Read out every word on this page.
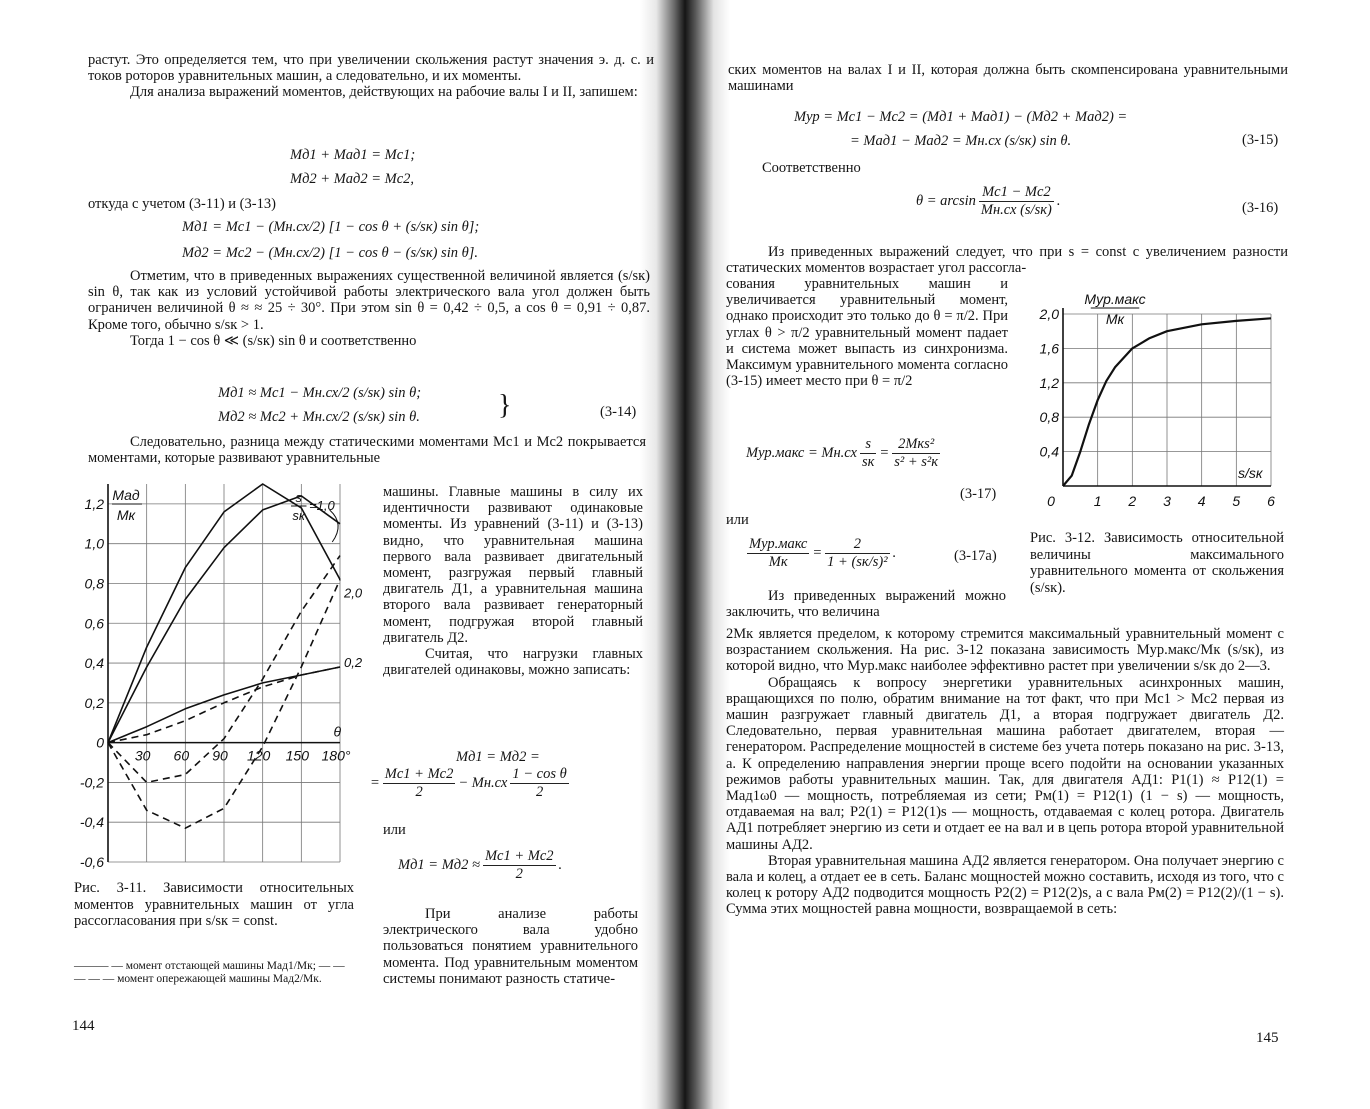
растут. Это определяется тем, что при увеличении скольжения растут значения э. д. с. и токов роторов уравнительных машин, а следовательно, и их моменты.

Для анализа выражений моментов, действующих на рабочие валы I и II, запишем:

Mд1 + Mад1 = Mс1;
Mд2 + Mад2 = Mс2,

откуда с учетом (3-11) и (3-13)

Mд1 = Mс1 − (Mн.сх/2) [1 − cos θ + (s/sк) sin θ];
Mд2 = Mс2 − (Mн.сх/2) [1 − cos θ − (s/sк) sin θ].

Отметим, что в приведенных выражениях существенной величиной является (s/sк) sin θ, так как из условий устойчивой работы электрического вала угол должен быть ограничен величиной θ ≈ ≈ 25 ÷ 30°. При этом sin θ = 0,42 ÷ 0,5, а cos θ = 0,91 ÷ 0,87. Кроме того, обычно s/sк > 1.

Тогда 1 − cos θ ≪ (s/sк) sin θ и соответственно

Mд1 ≈ Mс1 − Mн.сх/2 (s/sк) sin θ;
Mд2 ≈ Mс2 + Mн.сх/2 (s/sк) sin θ.	}	(3-14)

Следовательно, разница между статическими моментами Mс1 и Mс2 покрывается моментами, которые развивают уравнительные

1,2
1,0
0,8
0,6
0,4
0,2
0
-0,2
-0,4
-0,6
30 60 90 120 150 180°
θ
Mад
Mк
s
sк
=1,0
2,0
0,2

машины. Главные машины в силу их идентичности развивают одинаковые моменты. Из уравнений (3-11) и (3-13) видно, что уравнительная машина первого вала развивает двигательный момент, разгружая первый главный двигатель Д1, а уравнительная машина второго вала развивает генераторный момент, подгружая второй главный двигатель Д2.

Считая, что нагрузки главных двигателей одинаковы, можно записать:

Mд1 = Mд2 =
= $\frac{Mс1 + Mс2}{2} - Mн.сх \frac{\text{1 − cos θ}}{2}$
или
$Mд1 = Mд2 \approx \frac{Mс1 + Mс2}{2}$ .

При анализе работы электрического вала удобно пользоваться понятием уравнительного момента. Под уравнительным моментом системы понимают разность статиче-

Рис. 3-11. Зависимости относительных моментов уравнительных машин от угла рассогласования при s/sк = const.
——— — момент отстающей машины Mад1/Mк; — — — — — момент опережающей машины Mад2/Mк.
144

ских моментов на валах I и II, которая должна быть скомпенсирована уравнительными машинами

Mур = Mс1 − Mс2 = (Mд1 + Mад1) − (Mд2 + Mад2) =
= Mад1 − Mад2 = Mн.сх (s/sк) sin θ.	(3-15)

Соответственно

$\theta = \arcsin \frac{Mс1 - Mс2}{Mн.сх (s/sк)}$ .	(3-16)

Из приведенных выражений следует, что при s = const с увеличением разности статических моментов возрастает угол рассогла-

сования уравнительных машин и увеличивается уравнительный момент, однако происходит это только до θ = π/2. При углах θ > π/2 уравнительный момент падает и система может выпасть из синхронизма. Максимум уравнительного момента согласно (3-15) имеет место при θ = π/2

Mур.макс = $Mн.сх \frac{s}{sк} = \frac{\text{2Mкs²}}{\text{s² + s²к}}$
(3-17)
или
$\frac{\text{Mур.макс}}{Mк} = \frac{2}{\text{1 + (sк/s)²}}$ .	(3-17a)

Из приведенных выражений можно заключить, что величина

2Mк является пределом, к которому стремится максимальный уравнительный момент с возрастанием скольжения. На рис. 3-12 показана зависимость Mур.макс/Mк (s/sк), из которой видно, что Mур.макс наиболее эффективно растет при увеличении s/sк до 2—3.

Обращаясь к вопросу энергетики уравнительных асинхронных машин, вращающихся по полю, обратим внимание на тот факт, что при Mс1 > Mс2 первая из машин разгружает главный двигатель Д1, а вторая подгружает двигатель Д2. Следовательно, первая уравнительная машина работает двигателем, вторая — генератором. Распределение мощностей в системе без учета потерь показано на рис. 3-13, а. К определению направления энергии проще всего подойти на основании указанных режимов работы уравнительных машин. Так, для двигателя АД1: P1(1) ≈ P12(1) = Mад1ω0 — мощность, потребляемая из сети; Pм(1) = P12(1) (1 − s) — мощность, отдаваемая на вал; P2(1) = P12(1)s — мощность, отдаваемая с колец ротора. Двигатель АД1 потребляет энергию из сети и отдает ее на вал и в цепь ротора второй уравнительной машины АД2.

Вторая уравнительная машина АД2 является генератором. Она получает энергию с вала и колец, а отдает ее в сеть. Баланс мощностей можно составить, исходя из того, что с колец к ротору АД2 подводится мощность P2(2) = P12(2)s, а с вала Pм(2) = P12(2)/(1 − s). Сумма этих мощностей равна мощности, возвращаемой в сеть:

2,0
1,6
1,2
0,8
0,4
0	1 2 3 4 5 6
s/sк
Mур.макс
Mк
Рис. 3-12. Зависимость относительной величины максимального уравнительного момента от скольжения (s/sк).
145
